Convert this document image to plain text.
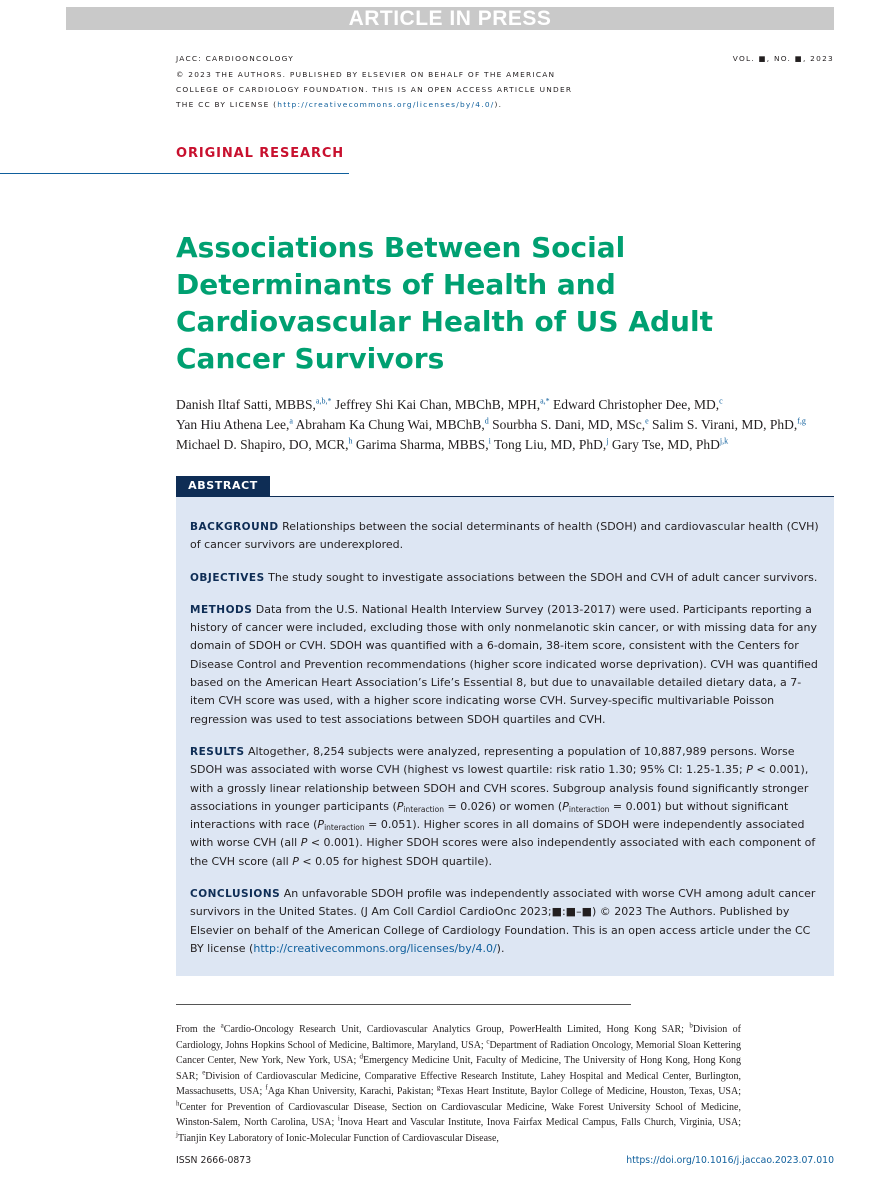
ARTICLE IN PRESS
JACC: CARDIOONCOLOGY	VOL. ■, NO. ■, 2023
© 2023 THE AUTHORS. PUBLISHED BY ELSEVIER ON BEHALF OF THE AMERICAN
COLLEGE OF CARDIOLOGY FOUNDATION. THIS IS AN OPEN ACCESS ARTICLE UNDER
THE CC BY LICENSE (http://creativecommons.org/licenses/by/4.0/).
ORIGINAL RESEARCH
Associations Between Social
Determinants of Health and
Cardiovascular Health of US Adult
Cancer Survivors
Danish Iltaf Satti, MBBS,$^{a,b,*}$ Jeffrey Shi Kai Chan, MBChB, MPH,$^{a,*}$ Edward Christopher Dee, MD,$^c$
Yan Hiu Athena Lee,$^a$ Abraham Ka Chung Wai, MBChB,$^d$ Sourbha S. Dani, MD, MSc,$^e$ Salim S. Virani, MD, PhD,$^{f,g}$
Michael D. Shapiro, DO, MCR,$^h$ Garima Sharma, MBBS,$^i$ Tong Liu, MD, PhD,$^j$ Gary Tse, MD, PhD$^{j,k}$
ABSTRACT

BACKGROUND Relationships between the social determinants of health (SDOH) and cardiovascular health (CVH) of cancer survivors are underexplored.

OBJECTIVES The study sought to investigate associations between the SDOH and CVH of adult cancer survivors.

METHODS Data from the U.S. National Health Interview Survey (2013-2017) were used. Participants reporting a history of cancer were included, excluding those with only nonmelanotic skin cancer, or with missing data for any domain of SDOH or CVH. SDOH was quantified with a 6-domain, 38-item score, consistent with the Centers for Disease Control and Prevention recommendations (higher score indicated worse deprivation). CVH was quantified based on the American Heart Association’s Life’s Essential 8, but due to unavailable detailed dietary data, a 7-item CVH score was used, with a higher score indicating worse CVH. Survey-specific multivariable Poisson regression was used to test associations between SDOH quartiles and CVH.

RESULTS Altogether, 8,254 subjects were analyzed, representing a population of 10,887,989 persons. Worse SDOH was associated with worse CVH (highest vs lowest quartile: risk ratio 1.30; 95% CI: 1.25-1.35; P < 0.001), with a grossly linear relationship between SDOH and CVH scores. Subgroup analysis found significantly stronger associations in younger participants $(P_{interaction} = 0.026)$ or women $(P_{interaction} = 0.001)$ but without significant interactions with race $(P_{interaction} = 0.051)$. Higher scores in all domains of SDOH were independently associated with worse CVH (all P < 0.001). Higher SDOH scores were also independently associated with each component of the CVH score (all P < 0.05 for highest SDOH quartile).

CONCLUSIONS An unfavorable SDOH profile was independently associated with worse CVH among adult cancer survivors in the United States. (J Am Coll Cardiol CardioOnc 2023;■:■–■) © 2023 The Authors. Published by Elsevier on behalf of the American College of Cardiology Foundation. This is an open access article under the CC BY license (http://creativecommons.org/licenses/by/4.0/).

From the $^a$Cardio-Oncology Research Unit, Cardiovascular Analytics Group, PowerHealth Limited, Hong Kong SAR; $^b$Division of Cardiology, Johns Hopkins School of Medicine, Baltimore, Maryland, USA; $^c$Department of Radiation Oncology, Memorial Sloan Kettering Cancer Center, New York, New York, USA; $^d$Emergency Medicine Unit, Faculty of Medicine, The University of Hong Kong, Hong Kong SAR; $^e$Division of Cardiovascular Medicine, Comparative Effective Research Institute, Lahey Hospital and Medical Center, Burlington, Massachusetts, USA; $^f$Aga Khan University, Karachi, Pakistan; $^g$Texas Heart Institute, Baylor College of Medicine, Houston, Texas, USA; $^h$Center for Prevention of Cardiovascular Disease, Section on Cardiovascular Medicine, Wake Forest University School of Medicine, Winston-Salem, North Carolina, USA; $^i$Inova Heart and Vascular Institute, Inova Fairfax Medical Campus, Falls Church, Virginia, USA; $^j$Tianjin Key Laboratory of Ionic-Molecular Function of Cardiovascular Disease,
ISSN 2666-0873	https://doi.org/10.1016/j.jaccao.2023.07.010
